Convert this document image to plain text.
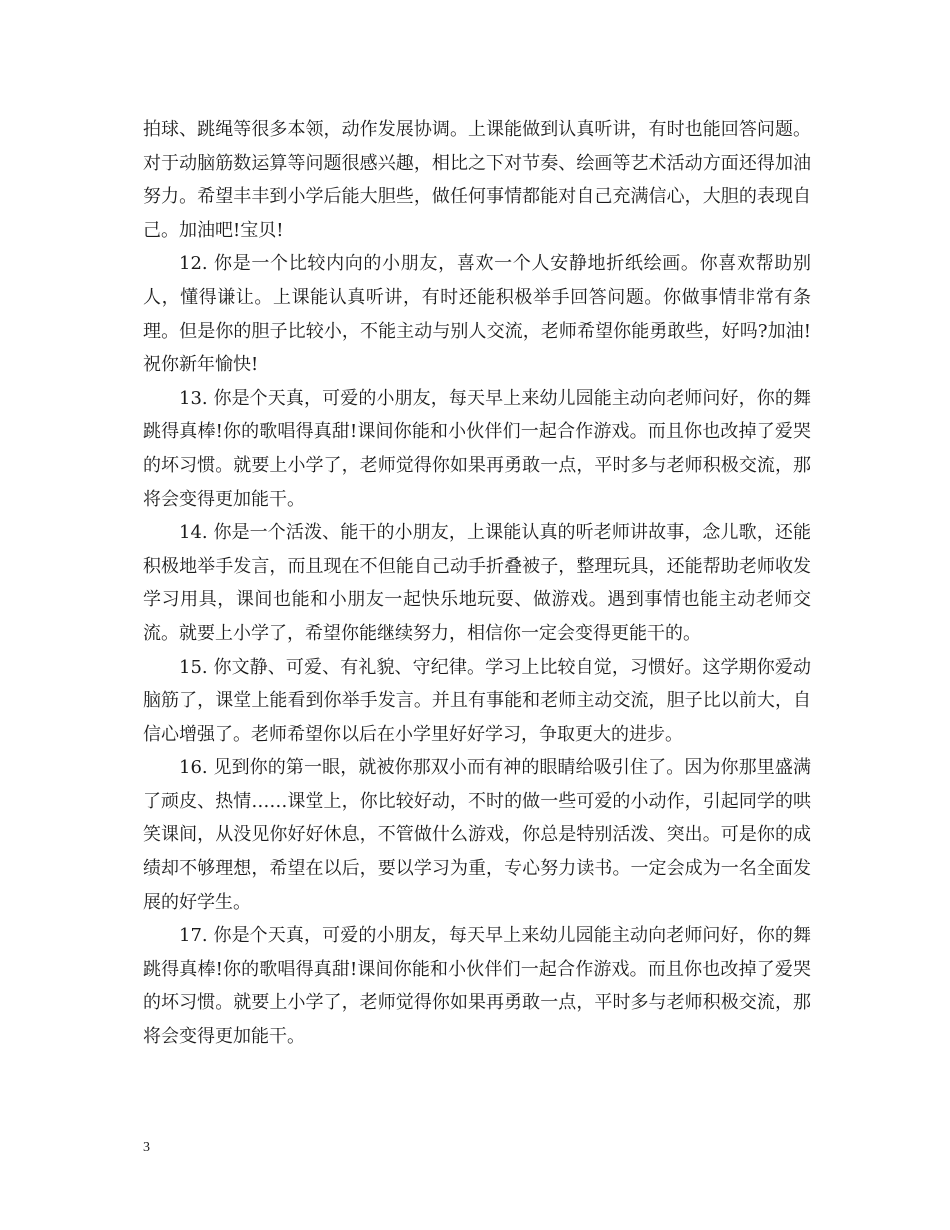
拍球、跳绳等很多本领，动作发展协调。上课能做到认真听讲，有时也能回答问题。对于动脑筋数运算等问题很感兴趣，相比之下对节奏、绘画等艺术活动方面还得加油努力。希望丰丰到小学后能大胆些，做任何事情都能对自己充满信心，大胆的表现自己。加油吧!宝贝!

12. 你是一个比较内向的小朋友，喜欢一个人安静地折纸绘画。你喜欢帮助别人，懂得谦让。上课能认真听讲，有时还能积极举手回答问题。你做事情非常有条理。但是你的胆子比较小，不能主动与别人交流，老师希望你能勇敢些，好吗?加油!祝你新年愉快!

13. 你是个天真，可爱的小朋友，每天早上来幼儿园能主动向老师问好，你的舞跳得真棒!你的歌唱得真甜!课间你能和小伙伴们一起合作游戏。而且你也改掉了爱哭的坏习惯。就要上小学了，老师觉得你如果再勇敢一点，平时多与老师积极交流，那将会变得更加能干。

14. 你是一个活泼、能干的小朋友，上课能认真的听老师讲故事，念儿歌，还能积极地举手发言，而且现在不但能自己动手折叠被子，整理玩具，还能帮助老师收发学习用具，课间也能和小朋友一起快乐地玩耍、做游戏。遇到事情也能主动老师交流。就要上小学了，希望你能继续努力，相信你一定会变得更能干的。

15. 你文静、可爱、有礼貌、守纪律。学习上比较自觉，习惯好。这学期你爱动脑筋了，课堂上能看到你举手发言。并且有事能和老师主动交流，胆子比以前大，自信心增强了。老师希望你以后在小学里好好学习，争取更大的进步。

16. 见到你的第一眼，就被你那双小而有神的眼睛给吸引住了。因为你那里盛满了顽皮、热情……课堂上，你比较好动，不时的做一些可爱的小动作，引起同学的哄笑课间，从没见你好好休息，不管做什么游戏，你总是特别活泼、突出。可是你的成绩却不够理想，希望在以后，要以学习为重，专心努力读书。一定会成为一名全面发展的好学生。

17. 你是个天真，可爱的小朋友，每天早上来幼儿园能主动向老师问好，你的舞跳得真棒!你的歌唱得真甜!课间你能和小伙伴们一起合作游戏。而且你也改掉了爱哭的坏习惯。就要上小学了，老师觉得你如果再勇敢一点，平时多与老师积极交流，那将会变得更加能干。

3
